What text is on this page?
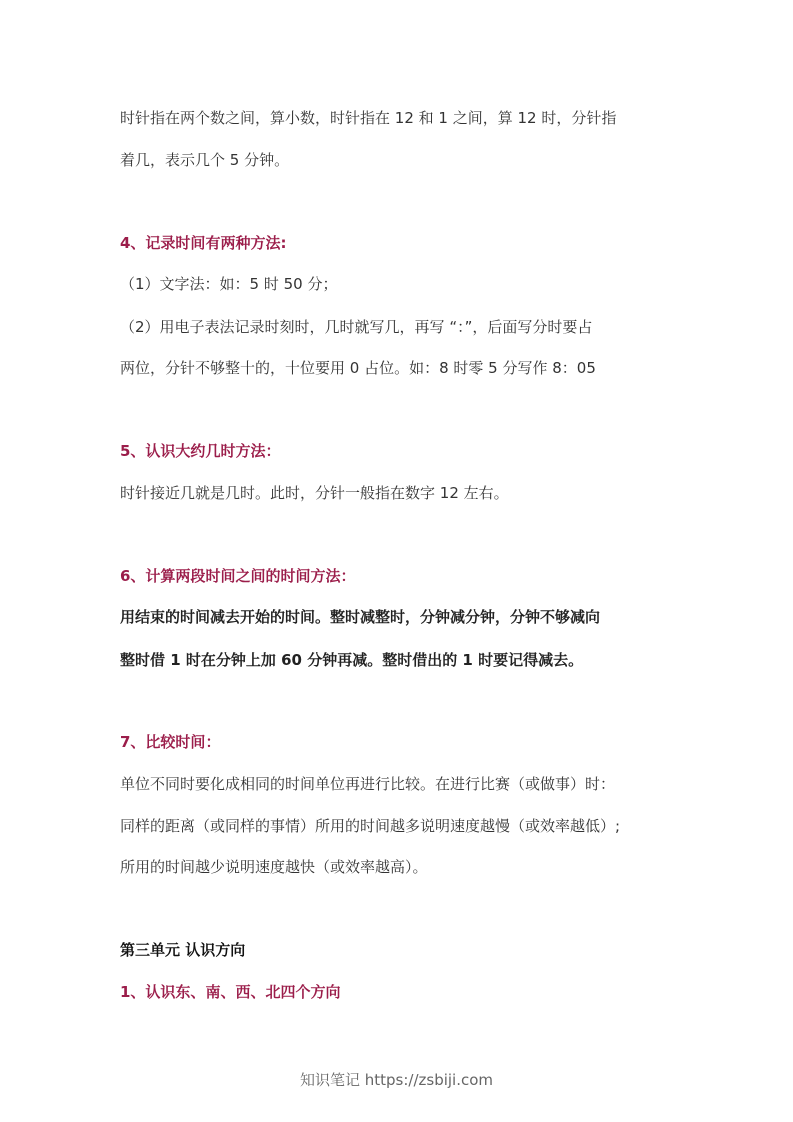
时针指在两个数之间，算小数，时针指在 12 和 1 之间，算 12 时，分针指
着几，表示几个 5 分钟。
4、记录时间有两种方法:
（1）文字法：如：5 时 50 分；
（2）用电子表法记录时刻时，几时就写几，再写 “：”，后面写分时要占
两位，分针不够整十的，十位要用 0 占位。如：8 时零 5 分写作 8：05
5、认识大约几时方法：
时针接近几就是几时。此时，分针一般指在数字 12 左右。
6、计算两段时间之间的时间方法：
用结束的时间减去开始的时间。整时减整时，分钟减分钟，分钟不够减向
整时借 1 时在分钟上加 60 分钟再减。整时借出的 1 时要记得减去。
7、比较时间：
单位不同时要化成相同的时间单位再进行比较。在进行比赛（或做事）时：
同样的距离（或同样的事情）所用的时间越多说明速度越慢（或效率越低）;
所用的时间越少说明速度越快（或效率越高）。
第三单元 认识方向
1、认识东、南、西、北四个方向
知识笔记 https://zsbiji.com
